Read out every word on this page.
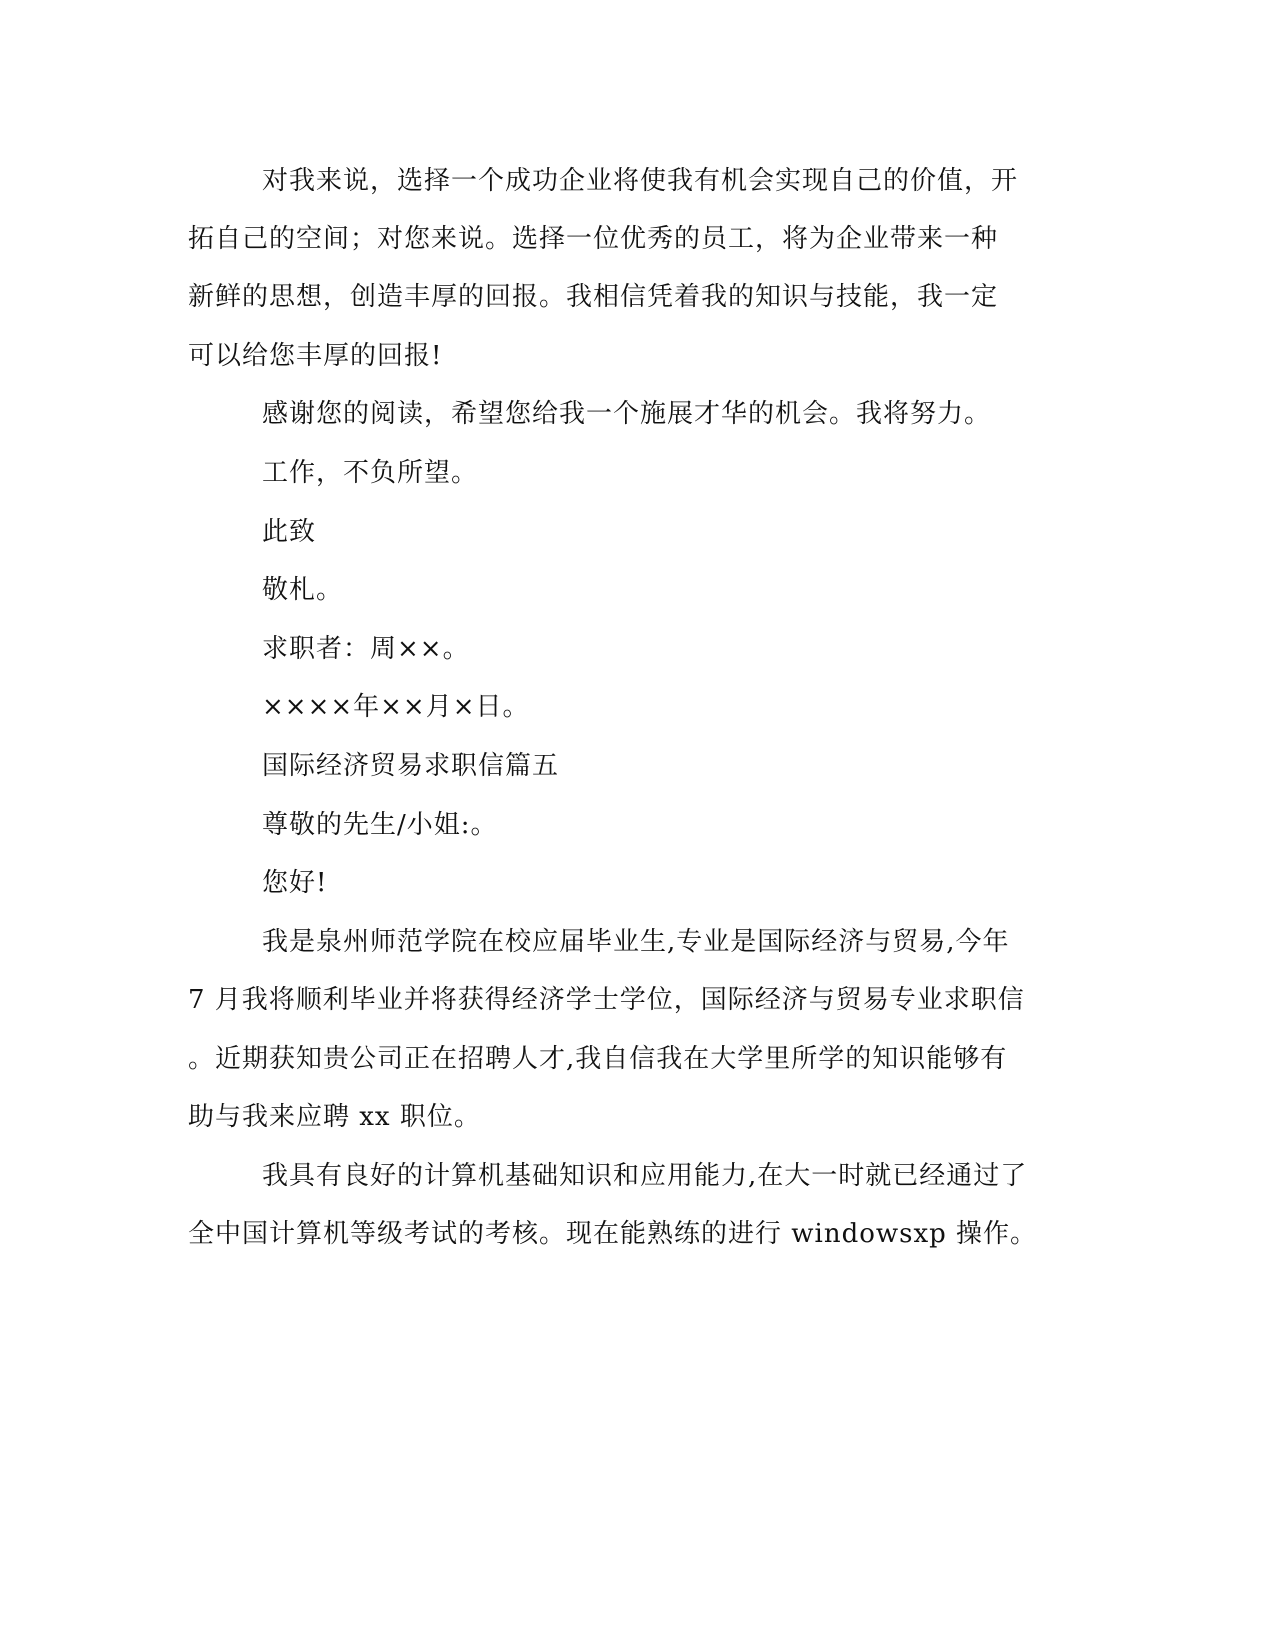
对我来说，选择一个成功企业将使我有机会实现自己的价值，开
拓自己的空间；对您来说。选择一位优秀的员工，将为企业带来一种
新鲜的思想，创造丰厚的回报。我相信凭着我的知识与技能，我一定
可以给您丰厚的回报!
感谢您的阅读，希望您给我一个施展才华的机会。我将努力。
工作，不负所望。
此致
敬札。
求职者：周××。
××××年××月×日。
国际经济贸易求职信篇五
尊敬的先生/小姐:。
您好!
我是泉州师范学院在校应届毕业生,专业是国际经济与贸易,今年
7 月我将顺利毕业并将获得经济学士学位，国际经济与贸易专业求职信
。近期获知贵公司正在招聘人才,我自信我在大学里所学的知识能够有
助与我来应聘 xx 职位。
我具有良好的计算机基础知识和应用能力,在大一时就已经通过了
全中国计算机等级考试的考核。现在能熟练的进行 windowsxp 操作。
